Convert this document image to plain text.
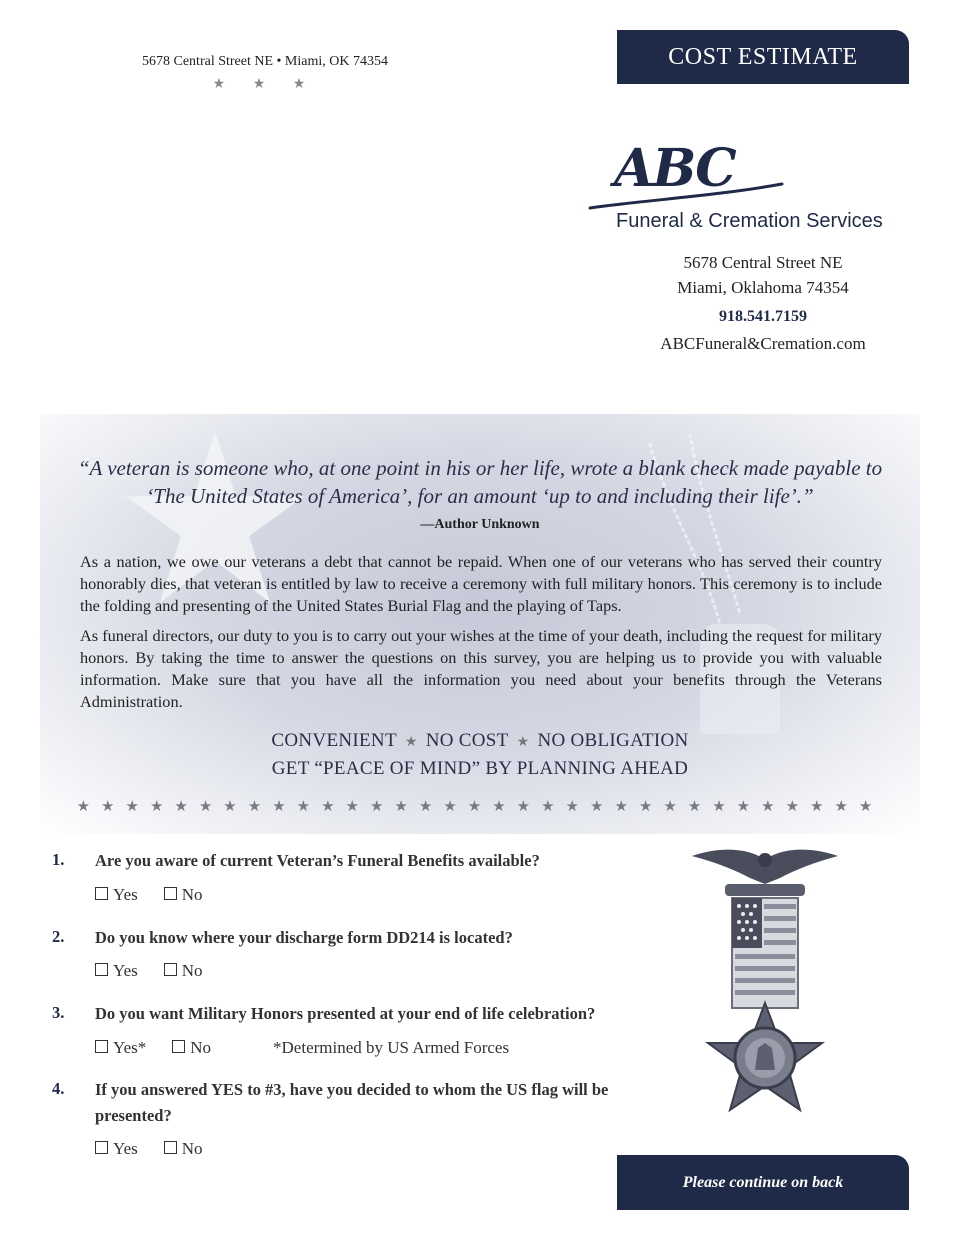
5678 Central Street NE • Miami, OK 74354
★ ★ ★
COST ESTIMATE
ABC
Funeral & Cremation Services
5678 Central Street NE
Miami, Oklahoma 74354
918.541.7159
ABCFuneral&Cremation.com
“A veteran is someone who, at one point in his or her life, wrote a blank check made payable to ‘The United States of America’, for an amount ‘up to and including their life’.”
—Author Unknown
As a nation, we owe our veterans a debt that cannot be repaid. When one of our veterans who has served their country honorably dies, that veteran is entitled by law to receive a ceremony with full military honors. This ceremony is to include the folding and presenting of the United States Burial Flag and the playing of Taps.
As funeral directors, our duty to you is to carry out your wishes at the time of your death, including the request for military honors. By taking the time to answer the questions on this survey, you are helping us to provide you with valuable information. Make sure that you have all the information you need about your benefits through the Veterans Administration.
CONVENIENT ★ NO COST ★ NO OBLIGATION
GET “PEACE OF MIND” BY PLANNING AHEAD
★★★★★★★★★★★★★★★★★★★★★★★★★★★★★★★★★
1.	Are you aware of current Veteran’s Funeral Benefits available?
Yes	No
2.	Do you know where your discharge form DD214 is located?
Yes	No
3.	Do you want Military Honors presented at your end of life celebration?
Yes*	No	*Determined by US Armed Forces
4.	If you answered YES to #3, have you decided to whom the US flag will be presented?
Yes	No
Please continue on back
